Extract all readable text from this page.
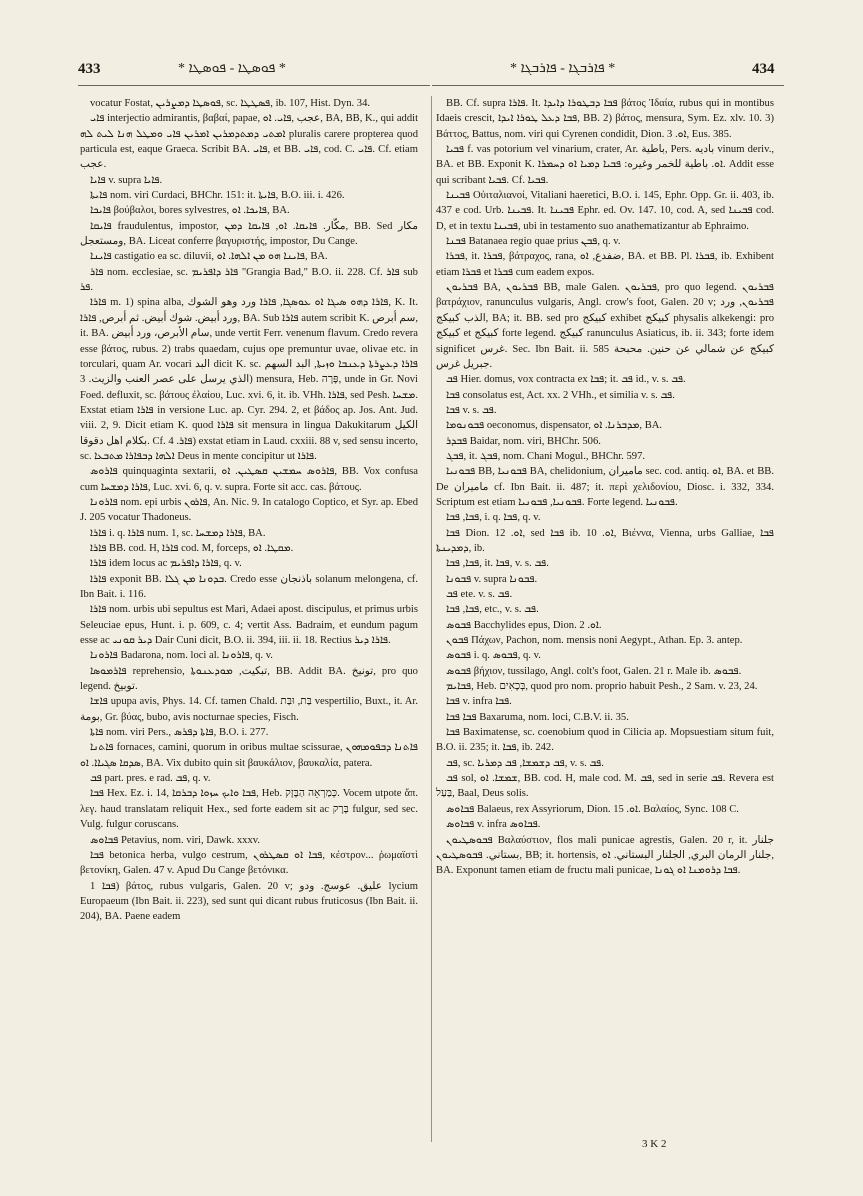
433	* ܦܘܣܛܐ - ܦܘܣܛܐ *	* ܦܐܪܒܓܐ - ܦܐܪܒܓܐ *	434

vocatur Fostat, ܦܘܣܛܐ ܕܡܨܪܝܢ, sc. ܦܣܛܛܐ, ib. 107, Hist. Dyn. 34.

ܦܐܝ interjectio admirantis, βαβαί, papae, عجب ,ܦܐܝ. ܐܘ, BA, BB, K., qui addit ܐܡܬܝ ܕܡܬܕܡܪܝܢ ܐܡܪܝܢ ܦܐܝ ܘܡܛܠ ܗܢܐ ܠܝܬ ܠܗ pluralis carere propterea quod particula est, eaque Graeca. Scribit BA. ܦܐܝ, et BB. ܦܐܝ, cod. C. ܦܐܝ. Cf. etiam عجب.

ܦܐܝܐ v. supra ܦܐܝܐ.

ܦܐܝܬܐ nom. viri Curdaci, BHChr. 151: it. ܦܐܝܬܐ, B.O. iii. i. 426.

ܦܐܝܟܐ βούβαλοι, bores sylvestres, ܦܐܝܟܐ. ܐܘ, BA.

ܦܐܝܩܐ fraudulentus, impostor, مكّار. ܦܐܝܩܐ. ܐܘ, ܦܐܝܩܐ ܕܡܢ, BB. Sed مكار ومستعجل, BA. Liceat conferre βαγυριστής, impostor, Du Cange.

ܦܐܝܢܐ castigatio ea sc. diluvii, ܦܐܝܢܐ ܗܘ ܡܢ ܐܠܗܐ. ܐܘ, BA.

ܦܐܪ nom. ecclesiae, sc. ܦܐܪ ܕܐܦܪܝܡ "Grangia Bad," B.O. ii. 228. Cf. ܦܐܪ sub ܦܪ.

ܦܐܪܐ m. 1) spina alba, ܦܐܪܐ ܕܗܘ ܣܝܓܐ ܐܘ ܥܘܣܓܐ, ܦܐܪܐ ورد وهو الشوك, K. It. ورد أبيض. شوك أبيض. ثم أبرص, ܦܐܪܐ, BA. Sub ܦܐܪܐ autem scribit K. سم أبرص, it. BA. سام الأبرص، ورد أبيض, unde vertit Ferr. venenum flavum. Credo revera esse βάτος, rubus. 2) trabs quaedam, cujus ope premuntur uvae, olivae etc. in torculari, quam Ar. vocari البد dicit K. sc. ܦܐܪܐ ܕܥܨܪܬܐ ܕܥܢܒܐ ܘܙܝܬܐ, البد السهم الذي يرسل على عصر العنب والزيت. 3) mensura, Heb. פָּרָה, unde in Gr. Novi Foed. defluxit, sc. βάτους ἐλαίου, Luc. xvi. 6, it. ib. VHh. ܦܐܪܐ, sed Pesh. ܡܫܚܐ. Exstat etiam ܦܐܪܐ in versione Luc. ap. Cyr. 294. 2, et βάδος ap. Jos. Ant. Jud. viii. 2, 9. Dicit etiam K. quod ܦܐܪܐ sit mensura in lingua Dakukitarum الكيل بكلام اهل دقوقا. Cf. ܦܐܪ. 4) exstat etiam in Laud. cxxiii. 88 v, sed sensu incerto, sc. ܐܠܗܐ ܕܒܦܐܪܐ ܡܬܒܥܐ Deus in mente concipitur ut ܦܐܪܐ.

ܦܐܪܘܣ quinquaginta sextarii, ܦܐܪܘܣ ܚܡܫܝܢ ܩܣܛܝܢ. ܐܘ, BB. Vox confusa cum ܦܐܪܐ ܕܡܫܚܐ, Luc. xvi. 6, q. v. supra. Forte sit acc. cas. βάτους.

ܦܐܪܘܢܐ nom. epi urbis ܦܐܪܘܢ, An. Nic. 9. In catalogo Coptico, et Syr. ap. Ebed J. 205 vocatur Thadoneus.

ܦܐܪܐ i. q. ܦܐܪܐ num. 1, sc. ܦܐܪܐ ܕܡܫܚܐ, BA.

ܦܐܪܐ BB. cod. H, ܦܐܪܐ cod. M, forceps, ܡܩܛܐ. ܐܘ.

ܦܐܪܐ idem locus ac ܦܐܪܐ ܕܐܦܪܝܡ, q. v.

ܦܐܪܐ exponit BB. ܒܕܘܢܐ ܡܢ ܓܠܐ. Credo esse باذنجان solanum melongena, cf. Ibn Bait. i. 116.

ܦܐܪܐ nom. urbis ubi sepultus est Mari, Adaei apost. discipulus, et primus urbis Seleuciae epus, Hunt. i. p. 609, c. 4; vertit Ass. Badraim, et eundum pagum esse ac ܕܝܪ ܩܘܢܝ Dair Cuni dicit, B.O. ii. 394, iii. ii. 18. Rectius ܦܐܪܐ ܕܝܪ.

ܦܐܪܘܢܐ Badarona, nom. loci al. ܦܐܪܘܢܐ, q. v.

ܦܐܪܡܘܣܐ reprehensio, تبكيت, ܡܘܕܥܢܘܬܐ, BB. Addit BA. تونيخ, pro quo legend. توبيخ.

ܦܐܫܐ upupa avis, Phys. 14. Cf. tamen Chald. בַּת, וּבַּת vespertilio, Buxt., it. Ar. بومة, Gr. βύας, bubo, avis nocturnae species, Fisch.

ܦܐܬܐ nom. viri Pers., ܦܐܬܐ ܕܦܪܣ, B.O. i. 277.

ܦܐܬܢܐ fornaces, camini, quorum in oribus multae scissurae, ܦܐܬܢܐ ܕܒܦܘܡܗܘܢ ܣܕܩܐ ܣܓܝܐܐ. ܐܘ, BA. Vix dubito quin sit βαυκάλιον, βαυκαλία, patera.

ܦܒ part. pres. e rad. ܦܒ, q. v.

ܦܒܐ Hex. Ez. i. 14, ܦܒܐ ܘܐܝܟ ܚܙܘܐ ܕܒܪܩܐ, Heb. כְּמַרְאֵה הַבָּזָק. Vocem utpote ἅπ. λεγ. haud translatam reliquit Hex., sed forte eadem sit ac בָּרָק fulgur, sed sec. Vulg. fulgur coruscans.

ܦܒܐܘܣ Petavius, nom. viri, Dawk. xxxv.

ܦܒܐ betonica herba, vulgo cestrum, ܦܒܐ ܐܘ ܩܣܛܪܘܢ, κέστρον... ῥωμαϊστὶ βετονίκη, Galen. 47 v. Apud Du Cange βετόνικα.

ܦܒܐ 1) βάτος, rubus vulgaris, Galen. 20 v; عليق. عوسج. ودو lycium Europaeum (Ibn Bait. ii. 223), sed sunt qui dicant rubus fruticosus (Ibn Bait. ii. 204), BA. Paene eadem

BB. Cf. supra ܦܐܪܐ. It. ܦܒܐ ܕܒܛܘܪܐ ܕܐܝܕܐ βάτος Ἰδαία, rubus qui in montibus Idaeis crescit, ܦܒܐ ܕܥܠ ܛܘܪܐ ܐܝܕܐ, BB. 2) βάτος, mensura, Sym. Ez. xlv. 10. 3) Βάττος, Battus, nom. viri qui Cyrenen condidit, Dion. ܐܘ. 3, Eus. 385.

ܦܒܝܐ f. vas potorium vel vinarium, crater, Ar. باطية, Pers. بادیه vinum deriv., BA. et BB. Exponit K. ܐܘ. باطية للخمر وغيره: ܦܒܝܐ ܕܡܝܐ ܐܘ ܕܚܡܪܐ. Addit esse qui scribant ܦܒܝܐ. Cf. ܦܒܝܐ.

ܦܒܝܢܐ Οὐιταλιανοί, Vitaliani haeretici, B.O. i. 145, Ephr. Opp. Gr. ii. 403, ib. 437 e cod. Urb. ܦܒܝܢܐ. It. ܦܒܝܢܐ Ephr. ed. Ov. 147. 10, cod. A, sed ܦܒܝܢܐ cod. D, et in textu ܦܒܝܢܐ, ubi in testamento suo anathematizantur ab Ephraimo.

ܦܒܢܐ Batanaea regio quae prius ܦܒܢ, q. v.

ܦܒܪܐ, it. ܦܒܪܐ, βάτραχος, rana, ضفدع, ܐܘ, BA. et BB. Pl. ܦܒܪܐ, ib. Exhibent etiam ܦܒܪܐ et ܦܒܪܐ cum eadem expos.

ܦܒܪܝܘܢ BA, ܦܒܪܝܘܢ BB, male Galen. ܦܒܪܝܘܢ, pro quo legend. ܦܒܪܝܘܢ βατράχιον, ranunculus vulgaris, Angl. crow's foot, Galen. 20 v; ܦܒܪܝܘܢ, ورد الذب كبيكج, BA; it. BB. sed pro كبيكج exhibet كبيكج physalis alkekengi: pro كبيكج et كبيكج forte legend. كبيكج ranunculus Asiaticus, ib. ii. 343; forte idem significet غرس. Sec. Ibn Bait. ii. 585 كبيكج عن شمالي عن حنين. محبحة جبريل غرس.

ܦܒ Hier. domus, vox contracta ex ܦܒܐ; it. ܦܒ id., v. s. ܦܒ.

ܦܒܐ consolatus est, Act. xx. 2 VHh., et similia v. s. ܦܒ.

ܦܒܐ v. s. ܦܒ.

ܦܒܘܢܘܡܐ oeconomus, dispensator, ܡܕܒܪܢܐ. ܐܘ, BA.

ܦܒܕܪ Baidar, nom. viri, BHChr. 506.

ܦܒܓ, it. ܦܒܓ, nom. Chani Mogul., BHChr. 597.

ܦܒܘܢܝܐ BB, ܦܒܘܢܝܐ BA, chelidonium, ماميران sec. cod. antiq. ܐܘ, BA. et BB. De ماميران cf. Ibn Bait. ii. 487; it. περὶ χελιδονίου, Diosc. i. 332, 334. Scriptum est etiam ܦܒܘܢܝܐ, ܦܒܘܢܝܐ. Forte legend. ܦܒܘܢܝܐ.

ܦܒܐ, ܦܒܐ, i. q. ܦܒܐ, q. v.

ܦܒܐ Dion. ܐܘ. 12, sed ܦܒܐ ib. ܐܘ. 10, Βιέννα, Vienna, urbs Galliae, ܦܒܐ ܕܡܕܝܢܬܐ, ib.

ܦܒܐ, ܦܒܐ, it. ܦܒܐ, v. s. ܦܒ.

ܦܒܘܢܐ v. supra ܦܒܘܢܐ.

ܦܒ ete. v. s. ܦܒ.

ܦܒܐ, ܦܒܐ, etc., v. s. ܦܒ.

ܦܒܘܣ Bacchylides epus, Dion. ܐܘ. 2.

ܦܒܘܢ Πάχων, Pachon, nom. mensis noni Aegypt., Athan. Ep. 3. antep.

ܦܒܘܣ i. q. ܦܒܘܣ, q. v.

ܦܒܘܣ βήχιον, tussilago, Angl. colt's foot, Galen. 21 r. Male ib. ܦܒܘܣ.

ܦܒܐܝܡ, Heb. בְּכָאִים, quod pro nom. proprio habuit Pesh., 2 Sam. v. 23, 24.

ܦܒܐ v. infra ܦܒܐ.

ܦܒܐ ܦܒܐ Baxaruma, nom. loci, C.B.V. ii. 35.

ܦܒܐ Baximatense, sc. coenobium quod in Cilicia ap. Mopsuestiam situm fuit, B.O. ii. 235; it. ܦܒܐ, ib. 242.

ܦܒ, sc. ܦܒ ܕܫܡܫܐ, ܦܒ ܕܡܪܝܐ, v. s. ܦܒ.

ܦܒ sol, ܫܡܫܐ. ܐܘ, BB. cod. H, male cod. M. ܦܒ, sed in serie ܦܒ. Revera est בַּעַל, Baal, Deus solis.

ܦܒܐܘܣ Balaeus, rex Assyriorum, Dion. ܐܘ. 15. Βαλαίος, Sync. 108 C.

ܦܒܐܘܣ v. infra ܦܒܐܘܣ.

ܦܒܘܣܛܝܘܢ Βαλαύστιον, flos mali punicae agrestis, Galen. 20 r, it. جلنار بستاني. ܦܒܘܣܛܝܘܢ, BB; it. hortensis, جلنار الرمان البري, الجلنار البستاني. ܐܘ, BA. Exponunt tamen etiam de fructu mali punicae, ܦܒܐ ܕܪܘܡܢܐ ܐܘ ܓܘܢܐ.

3 K 2
